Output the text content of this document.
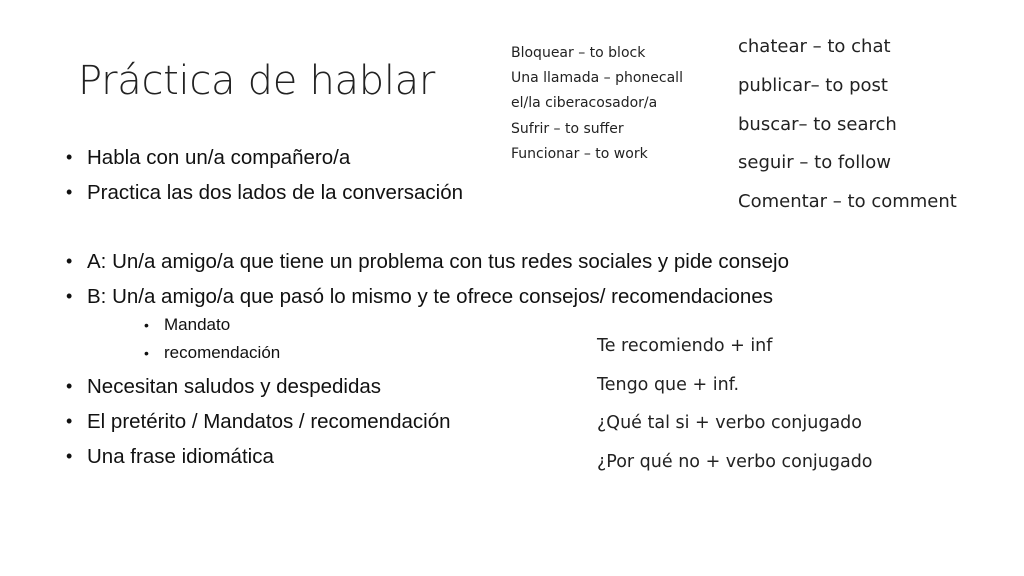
Práctica de hablar
• Habla con un/a compañero/a
• Practica las dos lados de la conversación
• A: Un/a amigo/a que tiene un problema con tus redes sociales y pide consejo
• B: Un/a amigo/a que pasó lo mismo y te ofrece consejos/ recomendaciones
• Mandato
• recomendación
• Necesitan saludos y despedidas
• El pretérito / Mandatos / recomendación
• Una frase idiomática
Bloquear – to block
Una llamada – phonecall
el/la ciberacosador/a
Sufrir – to suffer
Funcionar – to work
chatear – to chat
publicar– to post
buscar– to search
seguir – to follow
Comentar – to comment
Te recomiendo + inf
Tengo que + inf.
¿Qué tal si + verbo conjugado
¿Por qué no + verbo conjugado
